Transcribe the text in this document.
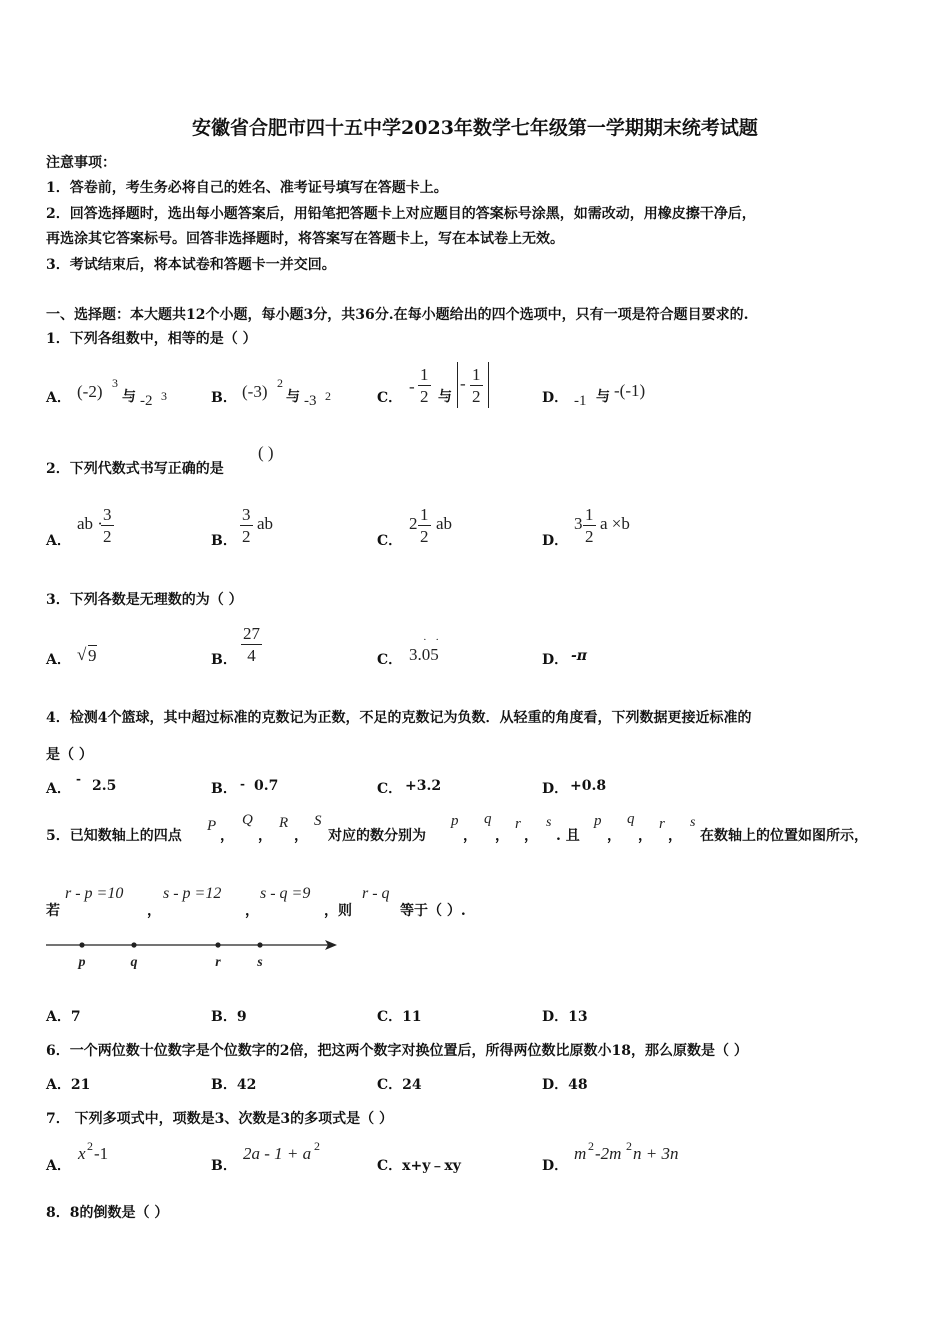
安徽省合肥市四十五中学2023年数学七年级第一学期期末统考试题
注意事项：
1．答卷前，考生务必将自己的姓名、准考证号填写在答题卡上。
2．回答选择题时，选出每小题答案后，用铅笔把答题卡上对应题目的答案标号涂黑，如需改动，用橡皮擦干净后，
再选涂其它答案标号。回答非选择题时，将答案写在答题卡上，写在本试卷上无效。
3．考试结束后，将本试卷和答题卡一并交回。
一、选择题：本大题共12个小题，每小题3分，共36分.在每小题给出的四个选项中，只有一项是符合题目要求的.
1．下列各组数中，相等的是（ ）
A． (-2) 3
与 -2 3	B． (-3) 2
与 -3 2	C．
- $\frac{1}{2}$ 与
- $\frac{1}{2}$	D． -1 与 -(-1)
2．下列代数式书写正确的是
( )
A．
ab ·
$\frac{3}{2}$	B． $\frac{3}{2}$ ab
C．
$2 \frac{1}{2}$ ab
D．
$3 \frac{1}{2}$ a ×b
3．下列各数是无理数的为（ ）
A． √ 9	B． $\frac{27}{4}$	C．
· ·
3.05	D． -π
4．检测4个篮球，其中超过标准的克数记为正数，不足的克数记为负数．从轻重的角度看，下列数据更接近标准的
是（ ）
A．
- 2.5	B． - 0.7	C． +3.2	D． +0.8
5．已知数轴上的四点
P
，
Q
，
R
，
S
对应的数分别为
p
，
q
，
r
，
s
. 且
p
，
q
，
r
，
s
在数轴上的位置如图所示，
若
r - p =10
，
s - p =12
，
s - q =9
，则
r - q
等于（ ）.
p	q	r	s
A．7	B．9	C．11	D．13
6．一个两位数十位数字是个位数字的2倍，把这两个数字对换位置后，所得两位数比原数小18，那么原数是（ ）
A．21	B．42	C．24	D．48
7． 下列多项式中，项数是3、次数是3的多项式是（ ）
A．
x 2 -1
B．
2a - 1 + a 2
C．x+y﹣xy	D．
m 2 -2m 2 n + 3n
8．8的倒数是（ ）
